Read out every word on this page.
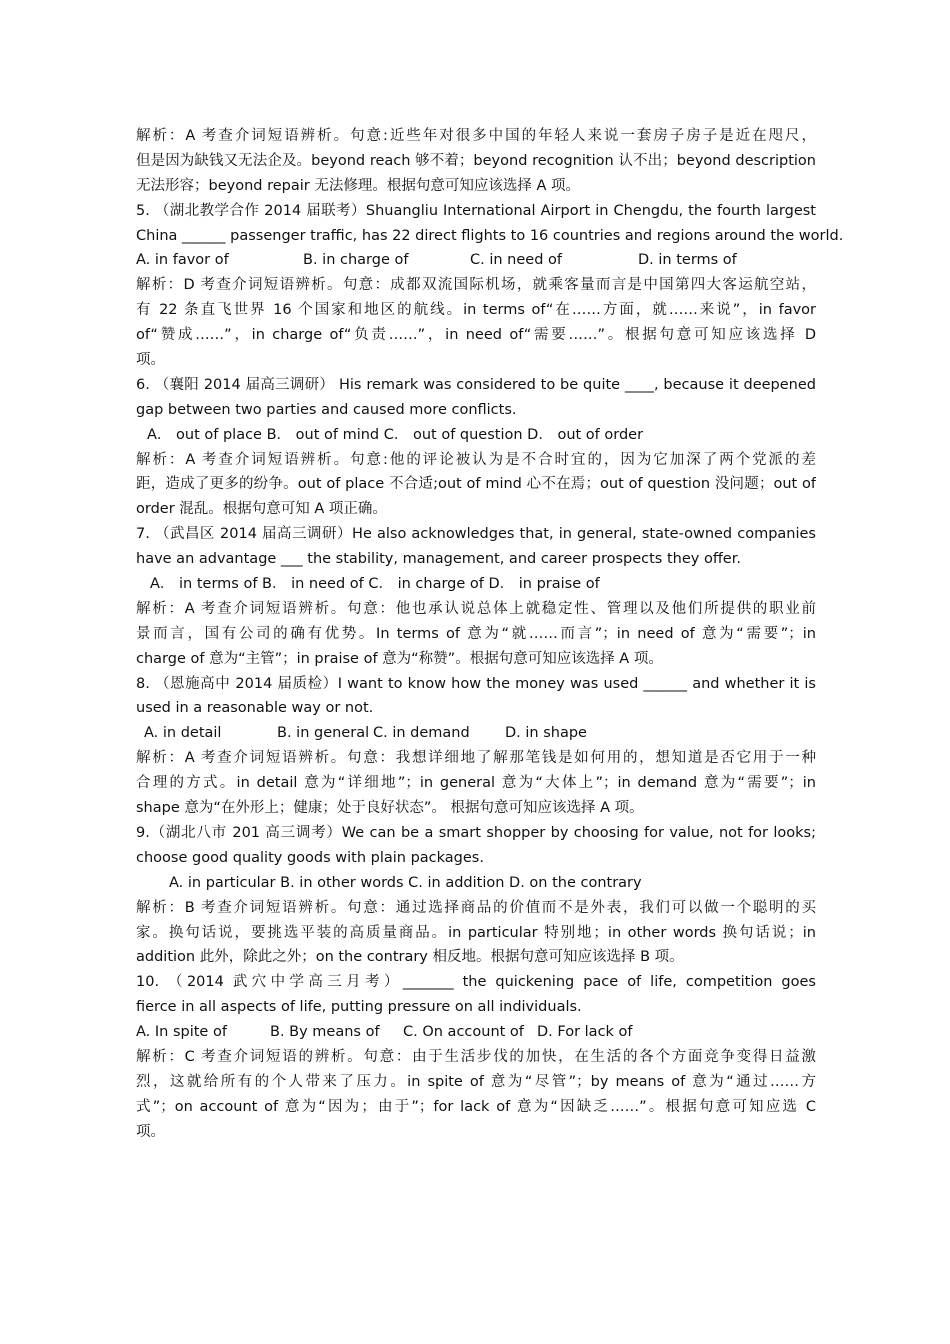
解析：A 考查介词短语辨析。句意:近些年对很多中国的年轻人来说一套房子房子是近在咫尺，
但是因为缺钱又无法企及。beyond reach 够不着；beyond recognition 认不出；beyond description
无法形容；beyond repair 无法修理。根据句意可知应该选择 A 项。
5. （湖北教学合作 2014 届联考）Shuangliu International Airport in Chengdu, the fourth largest
China ______ passenger traffic, has 22 direct flights to 16 countries and regions around the world.
A. in favor of	B. in charge of	C. in need of	D. in terms of
解析：D 考查介词短语辨析。句意：成都双流国际机场，就乘客量而言是中国第四大客运航空站，
有 22 条直飞世界 16 个国家和地区的航线。in terms of“在……方面，就……来说”，in favor
of“赞成……”，in charge of“负责……”，in need of“需要……”。根据句意可知应该选择 D
项。
6. （襄阳 2014 届高三调研） His remark was considered to be quite ____, because it deepened
gap between two parties and caused more conflicts.
A． out of place B． out of mind C． out of question D． out of order
解析：A 考查介词短语辨析。句意:他的评论被认为是不合时宜的，因为它加深了两个党派的差
距，造成了更多的纷争。out of place 不合适;out of mind 心不在焉；out of question 没问题；out of
order 混乱。根据句意可知 A 项正确。
7. （武昌区 2014 届高三调研）He also acknowledges that, in general, state-owned companies
have an advantage ___ the stability, management, and career prospects they offer.
A． in terms of B． in need of C． in charge of D． in praise of
解析：A 考查介词短语辨析。句意：他也承认说总体上就稳定性、管理以及他们所提供的职业前
景而言，国有公司的确有优势。In terms of 意为“就……而言”；in need of 意为“需要”；in
charge of 意为“主管”；in praise of 意为“称赞”。根据句意可知应该选择 A 项。
8. （恩施高中 2014 届质检）I want to know how the money was used ______ and whether it is
used in a reasonable way or not.
A. in detail	B. in general C. in demand D. in shape
解析：A 考查介词短语辨析。句意：我想详细地了解那笔钱是如何用的，想知道是否它用于一种
合理的方式。in detail 意为“详细地”；in general 意为“大体上”；in demand 意为“需要”；in
shape 意为“在外形上；健康；处于良好状态”。 根据句意可知应该选择 A 项。
9.（湖北八市 201 高三调考）We can be a smart shopper by choosing for value, not for looks;
choose good quality goods with plain packages.
A. in particular B. in other words C. in addition D. on the contrary
解析：B 考查介词短语辨析。句意：通过选择商品的价值而不是外表，我们可以做一个聪明的买
家。换句话说，要挑选平装的高质量商品。in particular 特别地；in other words 换句话说；in
addition 此外，除此之外；on the contrary 相反地。根据句意可知应该选择 B 项。
10. （2014 武穴中学高三月考）_______ the quickening pace of life, competition goes
fierce in all aspects of life, putting pressure on all individuals.
A. In spite of	B. By means of C. On account of D. For lack of
解析：C 考查介词短语的辨析。句意：由于生活步伐的加快，在生活的各个方面竞争变得日益激
烈，这就给所有的个人带来了压力。in spite of 意为“尽管”；by means of 意为“通过……方
式”；on account of 意为“因为；由于”；for lack of 意为“因缺乏……”。根据句意可知应选 C
项。
